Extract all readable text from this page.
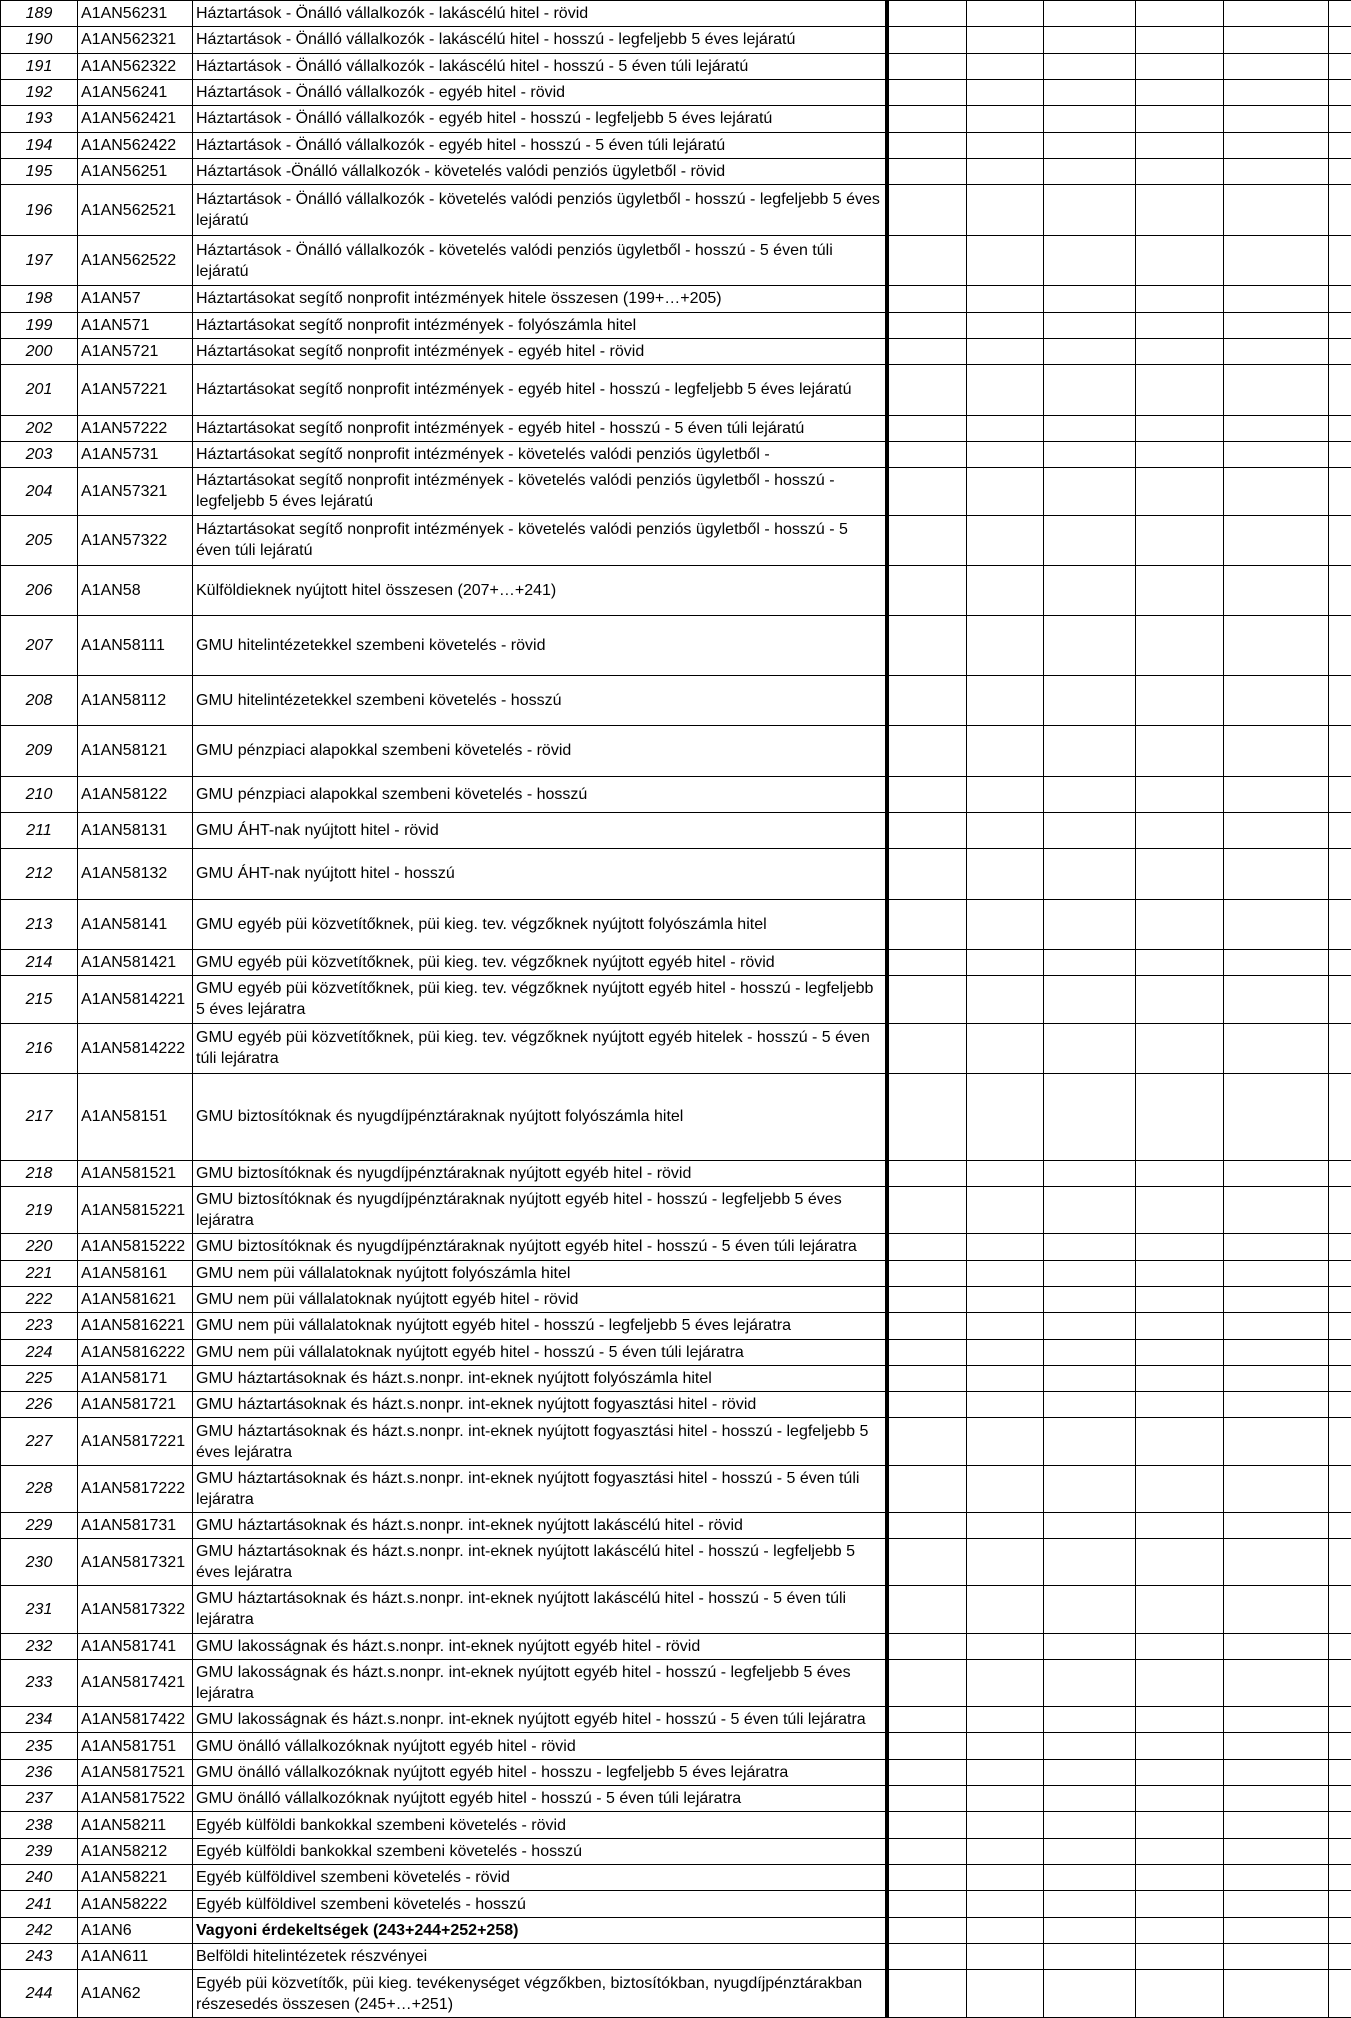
189	A1AN56231	Háztartások - Önálló vállalkozók - lakáscélú hitel - rövid						
190	A1AN562321	Háztartások - Önálló vállalkozók - lakáscélú hitel - hosszú - legfeljebb 5 éves lejáratú						
191	A1AN562322	Háztartások - Önálló vállalkozók - lakáscélú hitel - hosszú - 5 éven túli lejáratú						
192	A1AN56241	Háztartások - Önálló vállalkozók - egyéb hitel - rövid						
193	A1AN562421	Háztartások - Önálló vállalkozók - egyéb hitel - hosszú - legfeljebb 5 éves lejáratú						
194	A1AN562422	Háztartások - Önálló vállalkozók - egyéb hitel - hosszú - 5 éven túli lejáratú						
195	A1AN56251	Háztartások -Önálló vállalkozók - követelés valódi penziós ügyletből - rövid						
196	A1AN562521	Háztartások - Önálló vállalkozók - követelés valódi penziós ügyletből - hosszú - legfeljebb 5 éves lejáratú						
197	A1AN562522	Háztartások - Önálló vállalkozók - követelés valódi penziós ügyletből - hosszú - 5 éven túli lejáratú						
198	A1AN57	Háztartásokat segítő nonprofit intézmények hitele összesen (199+…+205)						
199	A1AN571	Háztartásokat segítő nonprofit intézmények - folyószámla hitel						
200	A1AN5721	Háztartásokat segítő nonprofit intézmények - egyéb hitel - rövid						
201	A1AN57221	Háztartásokat segítő nonprofit intézmények - egyéb hitel - hosszú - legfeljebb 5 éves lejáratú						
202	A1AN57222	Háztartásokat segítő nonprofit intézmények - egyéb hitel - hosszú - 5 éven túli lejáratú						
203	A1AN5731	Háztartásokat segítő nonprofit intézmények - követelés valódi penziós ügyletből -						
204	A1AN57321	Háztartásokat segítő nonprofit intézmények - követelés valódi penziós ügyletből - hosszú - legfeljebb 5 éves lejáratú						
205	A1AN57322	Háztartásokat segítő nonprofit intézmények - követelés valódi penziós ügyletből - hosszú - 5 éven túli lejáratú						
206	A1AN58	Külföldieknek nyújtott hitel összesen (207+…+241)						
207	A1AN58111	GMU hitelintézetekkel szembeni követelés - rövid						
208	A1AN58112	GMU hitelintézetekkel szembeni követelés - hosszú						
209	A1AN58121	GMU pénzpiaci alapokkal szembeni követelés - rövid						
210	A1AN58122	GMU pénzpiaci alapokkal szembeni követelés - hosszú						
211	A1AN58131	GMU ÁHT-nak nyújtott hitel - rövid						
212	A1AN58132	GMU ÁHT-nak nyújtott hitel - hosszú						
213	A1AN58141	GMU egyéb püi közvetítőknek, püi kieg. tev. végzőknek nyújtott folyószámla hitel						
214	A1AN581421	GMU egyéb püi közvetítőknek, püi kieg. tev. végzőknek nyújtott egyéb hitel - rövid						
215	A1AN5814221	GMU egyéb püi közvetítőknek, püi kieg. tev. végzőknek nyújtott egyéb hitel - hosszú - legfeljebb 5 éves lejáratra						
216	A1AN5814222	GMU egyéb püi közvetítőknek, püi kieg. tev. végzőknek nyújtott egyéb hitelek - hosszú - 5 éven túli lejáratra						
217	A1AN58151	GMU biztosítóknak és nyugdíjpénztáraknak nyújtott folyószámla hitel						
218	A1AN581521	GMU biztosítóknak és nyugdíjpénztáraknak nyújtott egyéb hitel - rövid						
219	A1AN5815221	GMU biztosítóknak és nyugdíjpénztáraknak nyújtott egyéb hitel - hosszú - legfeljebb 5 éves lejáratra						
220	A1AN5815222	GMU biztosítóknak és nyugdíjpénztáraknak nyújtott egyéb hitel - hosszú - 5 éven túli lejáratra						
221	A1AN58161	GMU nem püi vállalatoknak nyújtott folyószámla hitel						
222	A1AN581621	GMU nem püi vállalatoknak nyújtott egyéb hitel - rövid						
223	A1AN5816221	GMU nem püi vállalatoknak nyújtott egyéb hitel - hosszú - legfeljebb 5 éves lejáratra						
224	A1AN5816222	GMU nem püi vállalatoknak nyújtott egyéb hitel - hosszú - 5 éven túli lejáratra						
225	A1AN58171	GMU háztartásoknak és házt.s.nonpr. int-eknek nyújtott folyószámla hitel						
226	A1AN581721	GMU háztartásoknak és házt.s.nonpr. int-eknek nyújtott fogyasztási hitel - rövid						
227	A1AN5817221	GMU háztartásoknak és házt.s.nonpr. int-eknek nyújtott fogyasztási hitel - hosszú - legfeljebb 5 éves lejáratra						
228	A1AN5817222	GMU háztartásoknak és házt.s.nonpr. int-eknek nyújtott fogyasztási hitel - hosszú - 5 éven túli lejáratra						
229	A1AN581731	GMU háztartásoknak és házt.s.nonpr. int-eknek nyújtott lakáscélú hitel - rövid						
230	A1AN5817321	GMU háztartásoknak és házt.s.nonpr. int-eknek nyújtott lakáscélú hitel - hosszú - legfeljebb 5 éves lejáratra						
231	A1AN5817322	GMU háztartásoknak és házt.s.nonpr. int-eknek nyújtott lakáscélú hitel - hosszú - 5 éven túli lejáratra						
232	A1AN581741	GMU lakosságnak és házt.s.nonpr. int-eknek nyújtott egyéb hitel - rövid						
233	A1AN5817421	GMU lakosságnak és házt.s.nonpr. int-eknek nyújtott egyéb hitel - hosszú - legfeljebb 5 éves lejáratra						
234	A1AN5817422	GMU lakosságnak és házt.s.nonpr. int-eknek nyújtott egyéb hitel - hosszú - 5 éven túli lejáratra						
235	A1AN581751	GMU önálló vállalkozóknak nyújtott egyéb hitel - rövid						
236	A1AN5817521	GMU önálló vállalkozóknak nyújtott egyéb hitel - hosszu - legfeljebb 5 éves lejáratra						
237	A1AN5817522	GMU önálló vállalkozóknak nyújtott egyéb hitel - hosszú - 5 éven túli lejáratra						
238	A1AN58211	Egyéb külföldi bankokkal szembeni követelés - rövid						
239	A1AN58212	Egyéb külföldi bankokkal szembeni követelés - hosszú						
240	A1AN58221	Egyéb külföldivel szembeni követelés - rövid						
241	A1AN58222	Egyéb külföldivel szembeni követelés - hosszú						
242	A1AN6	Vagyoni érdekeltségek (243+244+252+258)						
243	A1AN611	Belföldi hitelintézetek részvényei						
244	A1AN62	Egyéb püi közvetítők, püi kieg. tevékenységet végzőkben, biztosítókban, nyugdíjpénztárakban részesedés összesen (245+…+251)						
